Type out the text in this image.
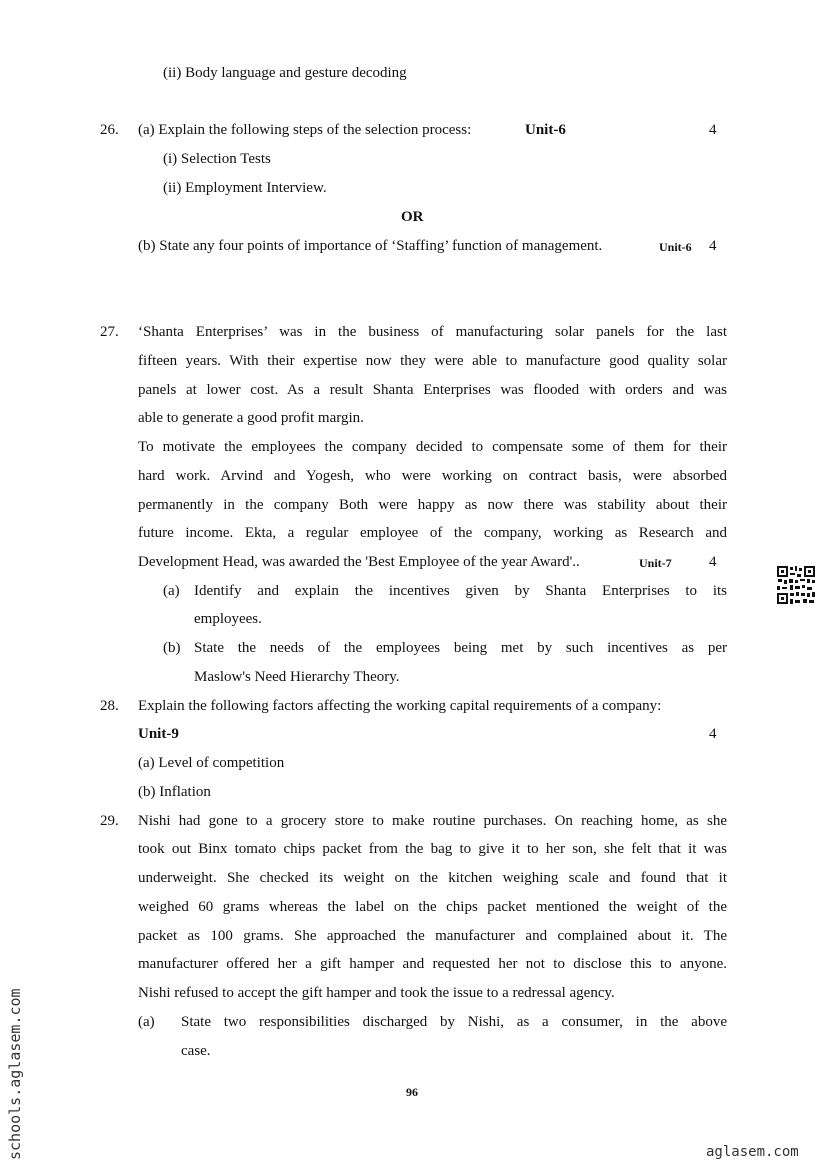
(ii) Body language and gesture decoding
26. (a) Explain the following steps of the selection process:	Unit-6	4
(i) Selection Tests
(ii) Employment Interview.
OR
(b) State any four points of importance of ‘Staffing’ function of management.	Unit-6 4
27. ‘Shanta Enterprises’ was in the business of manufacturing solar panels for the last
fifteen years. With their expertise now they were able to manufacture good quality solar
panels at lower cost. As a result Shanta Enterprises was flooded with orders and was
able to generate a good profit margin.
To motivate the employees the company decided to compensate some of them for their
hard work. Arvind and Yogesh, who were working on contract basis, were absorbed
permanently in the company Both were happy as now there was stability about their
future income. Ekta, a regular employee of the company, working as Research and
Development Head, was awarded the 'Best Employee of the year Award'..	Unit-7 4
(a) Identify and explain the incentives given by Shanta Enterprises to its
employees.
(b) State the needs of the employees being met by such incentives as per
Maslow's Need Hierarchy Theory.
28. Explain the following factors affecting the working capital requirements of a company:
Unit-9	4
(a) Level of competition
(b) Inflation
29. Nishi had gone to a grocery store to make routine purchases. On reaching home, as she
took out Binx tomato chips packet from the bag to give it to her son, she felt that it was
underweight. She checked its weight on the kitchen weighing scale and found that it
weighed 60 grams whereas the label on the chips packet mentioned the weight of the
packet as 100 grams. She approached the manufacturer and complained about it. The
manufacturer offered her a gift hamper and requested her not to disclose this to anyone.
Nishi refused to accept the gift hamper and took the issue to a redressal agency.
(a) State two responsibilities discharged by Nishi, as a consumer, in the above
case.
96
schools.aglasem.com	aglasem.com
